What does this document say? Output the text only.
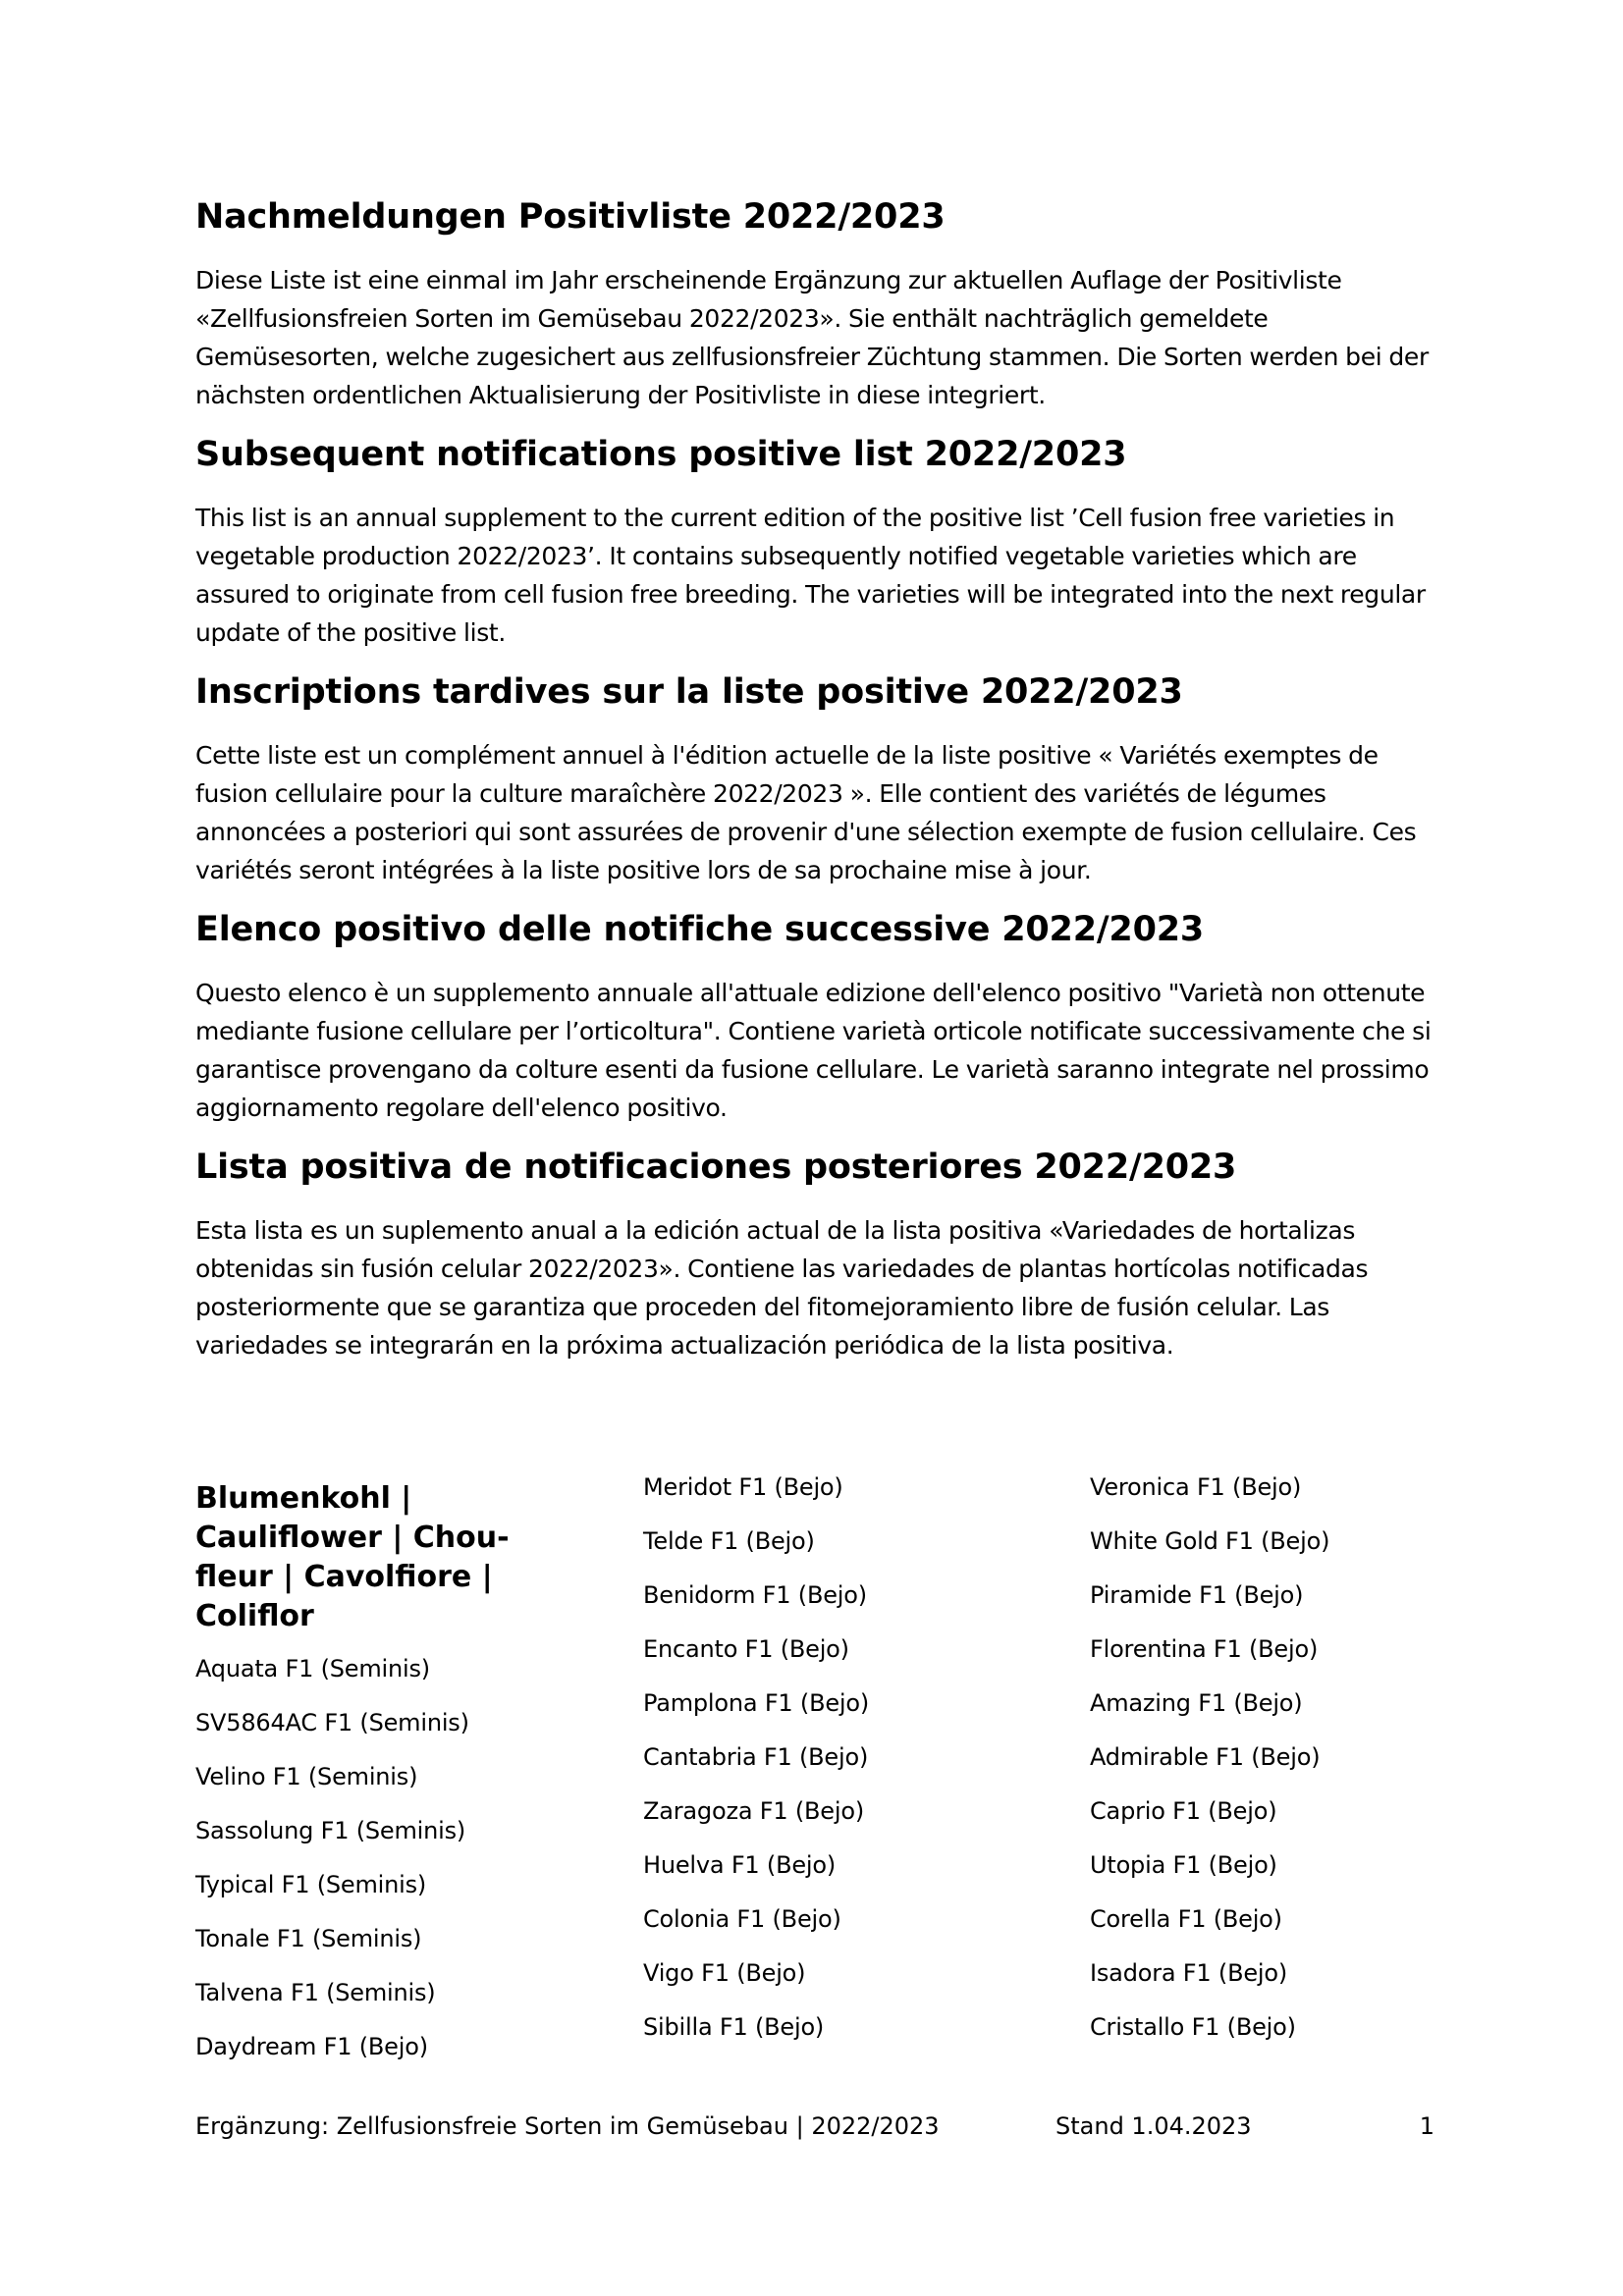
Nachmeldungen Positivliste 2022/2023

Diese Liste ist eine einmal im Jahr erscheinende Ergänzung zur aktuellen Auflage der Positivliste «Zellfusionsfreien Sorten im Gemüsebau 2022/2023». Sie enthält nachträglich gemeldete Gemüsesorten, welche zugesichert aus zellfusionsfreier Züchtung stammen. Die Sorten werden bei der nächsten ordentlichen Aktualisierung der Positivliste in diese integriert.

Subsequent notifications positive list 2022/2023

This list is an annual supplement to the current edition of the positive list ’Cell fusion free varieties in vegetable production 2022/2023’. It contains subsequently notified vegetable varieties which are assured to originate from cell fusion free breeding. The varieties will be integrated into the next regular update of the positive list.

Inscriptions tardives sur la liste positive 2022/2023

Cette liste est un complément annuel à l'édition actuelle de la liste positive « Variétés exemptes de fusion cellulaire pour la culture maraîchère 2022/2023 ». Elle contient des variétés de légumes annoncées a posteriori qui sont assurées de provenir d'une sélection exempte de fusion cellulaire. Ces variétés seront intégrées à la liste positive lors de sa prochaine mise à jour.

Elenco positivo delle notifiche successive 2022/2023

Questo elenco è un supplemento annuale all'attuale edizione dell'elenco positivo "Varietà non ottenute mediante fusione cellulare per l’orticoltura". Contiene varietà orticole notificate successivamente che si garantisce provengano da colture esenti da fusione cellulare. Le varietà saranno integrate nel prossimo aggiornamento regolare dell'elenco positivo.

Lista positiva de notificaciones posteriores 2022/2023

Esta lista es un suplemento anual a la edición actual de la lista positiva «Variedades de hortalizas obtenidas sin fusión celular 2022/2023». Contiene las variedades de plantas hortícolas notificadas posteriormente que se garantiza que proceden del fitomejoramiento libre de fusión celular. Las variedades se integrarán en la próxima actualización periódica de la lista positiva.

Blumenkohl | Cauliflower | Chou-fleur | Cavolfiore | Coliflor
Aquata F1 (Seminis)
SV5864AC F1 (Seminis)
Velino F1 (Seminis)
Sassolung F1 (Seminis)
Typical F1 (Seminis)
Tonale F1 (Seminis)
Talvena F1 (Seminis)
Daydream F1 (Bejo)
Meridot F1 (Bejo)
Telde F1 (Bejo)
Benidorm F1 (Bejo)
Encanto F1 (Bejo)
Pamplona F1 (Bejo)
Cantabria F1 (Bejo)
Zaragoza F1 (Bejo)
Huelva F1 (Bejo)
Colonia F1 (Bejo)
Vigo F1 (Bejo)
Sibilla F1 (Bejo)
Veronica F1 (Bejo)
White Gold F1 (Bejo)
Piramide F1 (Bejo)
Florentina F1 (Bejo)
Amazing F1 (Bejo)
Admirable F1 (Bejo)
Caprio F1 (Bejo)
Utopia F1 (Bejo)
Corella F1 (Bejo)
Isadora F1 (Bejo)
Cristallo F1 (Bejo)
Ergänzung: Zellfusionsfreie Sorten im Gemüsebau | 2022/2023	Stand 1.04.2023	1
